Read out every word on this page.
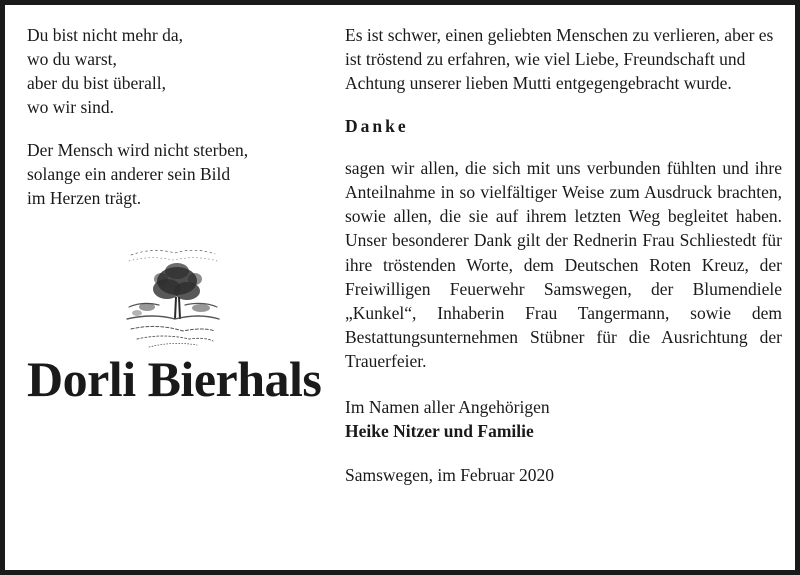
Du bist nicht mehr da,

wo du warst,

aber du bist überall,

wo wir sind.

Der Mensch wird nicht sterben,

solange ein anderer sein Bild

im Herzen trägt.

Dorli Bierhals

Es ist schwer, einen geliebten Menschen zu verlieren, aber es ist tröstend zu erfahren, wie viel Liebe, Freundschaft und Achtung unserer lieben Mutti entgegengebracht wurde.

Danke

sagen wir allen, die sich mit uns verbunden fühlten und ihre Anteilnahme in so vielfältiger Weise zum Ausdruck brachten, sowie allen, die sie auf ihrem letzten Weg begleitet haben. Unser besonderer Dank gilt der Rednerin Frau Schliestedt für ihre tröstenden Worte, dem Deutschen Roten Kreuz, der Freiwilligen Feuerwehr Samswegen, der Blumendiele „Kunkel“, Inhaberin Frau Tangermann, sowie dem Bestattungsunternehmen Stübner für die Ausrichtung der Trauerfeier.

Im Namen aller Angehörigen

Heike Nitzer und Familie

Samswegen, im Februar 2020
